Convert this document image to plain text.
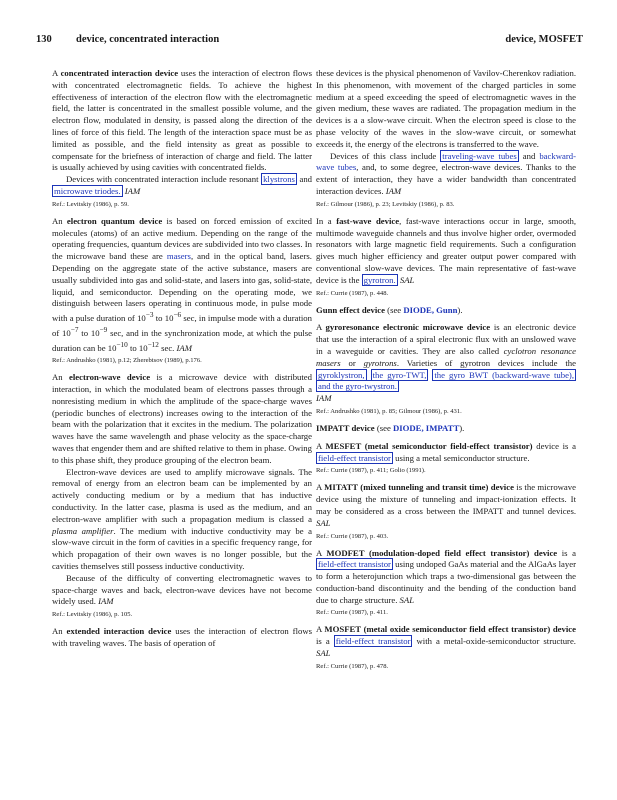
130 device, concentrated interaction	device, MOSFET

A concentrated interaction device uses the interaction of electron flows with concentrated electromagnetic fields. To achieve the highest effectiveness of interaction of the electron flow with the electromagnetic field, the latter is concentrated in the smallest possible volume, and the electron flow, modulated in density, is passed along the direction of the lines of force of this field. The length of the interaction space must be as limited as possible, and the field intensity as great as possible to compensate for the briefness of interaction of charge and field. The latter is usually achieved by using cavities with concentrated fields.

Devices with concentrated interaction include resonant klystrons and microwave triodes. IAM

Ref.: Levitskiy (1986), p. 59.

An electron quantum device is based on forced emission of excited molecules (atoms) of an active medium. Depending on the range of the operating frequencies, quantum devices are subdivided into two classes. In the microwave band these are masers, and in the optical band, lasers. Depending on the aggregate state of the active substance, masers are usually subdivided into gas and solid-state, and lasers into gas, solid-state, liquid, and semiconductor. Depending on the operating mode, we distinguish between lasers operating in continuous mode, in pulse mode with a pulse duration of $10^{-3}$ to $10^{-6}$ sec, in impulse mode with a duration of $10^{-7}$ to $10^{-9}$ sec, and in the synchronization mode, at which the pulse duration can be $10^{-10}$ to $10^{-12}$ sec. IAM

Ref.: Andrushko (1981), p.12; Zherebtsov (1989), p.176.

An electron-wave device is a microwave device with distributed interaction, in which the modulated beam of electrons passes through a nonresisting medium in which the amplitude of the space-charge waves (periodic bunches of electrons) increases owing to the interaction of the beam with the polarization that it excites in the medium. The polarization waves have the same wavelength and phase velocity as the space-charge waves that engender them and are shifted relative to them in phase. Owing to this phase shift, they produce grouping of the electron beam.

Electron-wave devices are used to amplify microwave signals. The removal of energy from an electron beam can be implemented by an actively conducting medium or by a medium that has inductive conductivity. In the latter case, plasma is used as the medium, and an electron-wave amplifier with such a propagation medium is classed a plasma amplifier. The medium with inductive conductivity may be a slow-wave circuit in the form of cavities in a specific frequency range, for which propagation of their own waves is no longer possible, but the cavities themselves still possess inductive conductivity.

Because of the difficulty of converting electromagnetic waves to space-charge waves and back, electron-wave devices have not become widely used. IAM

Ref.: Levitskiy (1986), p. 105.

An extended interaction device uses the interaction of electron flows with traveling waves. The basis of operation of

these devices is the physical phenomenon of Vavilov-Cherenkov radiation. In this phenomenon, with movement of the charged particles in some medium at a speed exceeding the speed of electromagnetic waves in the given medium, these waves are radiated. The propagation medium in the devices is a a slow-wave circuit. When the electron speed is close to the phase velocity of the waves in the slow-wave circuit, or somewhat exceeds it, the energy of the electrons is transferred to the wave.

Devices of this class include traveling-wave tubes and backward-wave tubes, and, to some degree, electron-wave devices. Thanks to the extent of interaction, they have a wider bandwidth than concentrated interaction devices. IAM

Ref.: Gilmour (1986), p. 23; Levitskiy (1986), p. 83.

In a fast-wave device, fast-wave interactions occur in large, smooth, multimode waveguide channels and thus involve higher order, overmoded resonators with large magnetic field requirements. Such a configuration gives much higher efficiency and greater output power compared with conventional slow-wave devices. The main representative of fast-wave device is the gyrotron. SAL

Ref.: Currie (1987), p. 448.

Gunn effect device (see DIODE, Gunn).

A gyroresonance electronic microwave device is an electronic device that use the interaction of a spiral electronic flux with an unslowed wave in a waveguide or cavities. They are also called cyclotron resonance masers or gyrotrons. Varieties of gyrotron devices include the gyroklystron, the gyro-TWT, the gyro BWT (backward-wave tube), and the gyro-twystron.
IAM

Ref.: Andrushko (1981), p. 85; Gilmour (1986), p. 431.

IMPATT device (see DIODE, IMPATT).

A MESFET (metal semiconductor field-effect transistor) device is a field-effect transistor using a metal semiconductor structure.

Ref.: Currie (1987), p. 411; Golio (1991).

A MITATT (mixed tunneling and transit time) device is the microwave device using the mixture of tunneling and impact-ionization effects. It may be considered as a cross between the IMPATT and tunnel devices. SAL

Ref.: Currie (1987), p. 403.

A MODFET (modulation-doped field effect transistor) device is a field-effect transistor using undoped GaAs material and the AlGaAs layer to form a heterojunction which traps a two-dimensional gas between the conduction-band discontinuity and the bending of the conduction band due to charge structure. SAL

Ref.: Currie (1987), p. 411.

A MOSFET (metal oxide semiconductor field effect transistor) device is a field-effect transistor with a metal-oxide-semiconductor structure. SAL

Ref.: Currie (1987), p. 478.
